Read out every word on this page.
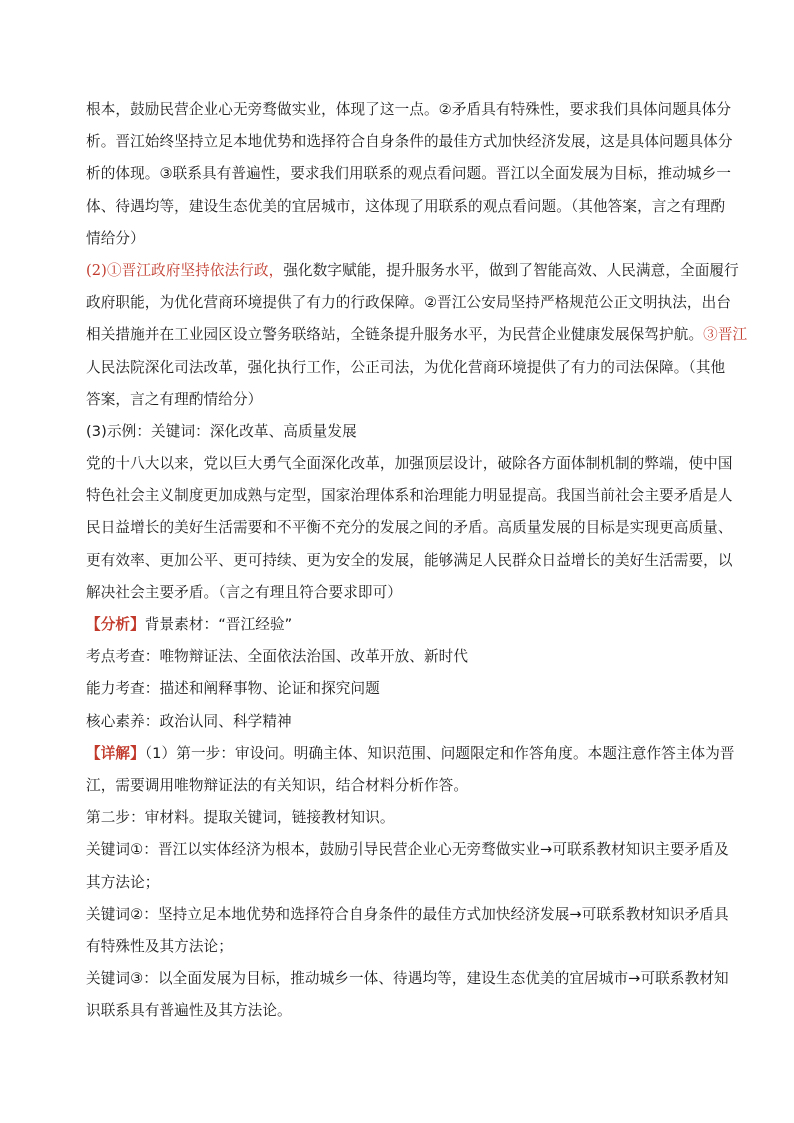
根本，鼓励民营企业心无旁骛做实业，体现了这一点。②矛盾具有特殊性，要求我们具体问题具体分
析。晋江始终坚持立足本地优势和选择符合自身条件的最佳方式加快经济发展，这是具体问题具体分
析的体现。③联系具有普遍性，要求我们用联系的观点看问题。晋江以全面发展为目标，推动城乡一
体、待遇均等，建设生态优美的宜居城市，这体现了用联系的观点看问题。（其他答案，言之有理酌
情给分）
(2)①晋江政府坚持依法行政，强化数字赋能，提升服务水平，做到了智能高效、人民满意，全面履行
政府职能，为优化营商环境提供了有力的行政保障。②晋江公安局坚持严格规范公正文明执法，出台
相关措施并在工业园区设立警务联络站，全链条提升服务水平，为民营企业健康发展保驾护航。③晋江
人民法院深化司法改革，强化执行工作，公正司法，为优化营商环境提供了有力的司法保障。（其他
答案，言之有理酌情给分）
(3)示例：关键词：深化改革、高质量发展
党的十八大以来，党以巨大勇气全面深化改革，加强顶层设计，破除各方面体制机制的弊端，使中国
特色社会主义制度更加成熟与定型，国家治理体系和治理能力明显提高。我国当前社会主要矛盾是人
民日益增长的美好生活需要和不平衡不充分的发展之间的矛盾。高质量发展的目标是实现更高质量、
更有效率、更加公平、更可持续、更为安全的发展，能够满足人民群众日益增长的美好生活需要，以
解决社会主要矛盾。（言之有理且符合要求即可）
【分析】背景素材：“晋江经验”
考点考查：唯物辩证法、全面依法治国、改革开放、新时代
能力考查：描述和阐释事物、论证和探究问题
核心素养：政治认同、科学精神
【详解】（1）第一步：审设问。明确主体、知识范围、问题限定和作答角度。本题注意作答主体为晋
江，需要调用唯物辩证法的有关知识，结合材料分析作答。
第二步：审材料。提取关键词，链接教材知识。
关键词①：晋江以实体经济为根本，鼓励引导民营企业心无旁骛做实业→可联系教材知识主要矛盾及
其方法论；
关键词②：坚持立足本地优势和选择符合自身条件的最佳方式加快经济发展→可联系教材知识矛盾具
有特殊性及其方法论；
关键词③：以全面发展为目标，推动城乡一体、待遇均等，建设生态优美的宜居城市→可联系教材知
识联系具有普遍性及其方法论。
